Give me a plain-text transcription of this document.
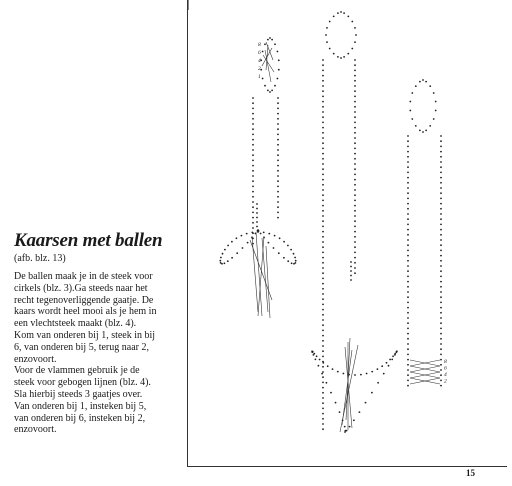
Kaarsen met ballen
(afb. blz. 13)

De ballen maak je in de steek voor

cirkels (blz. 3).Ga steeds naar het

recht tegenoverliggende gaatje. De

kaars wordt heel mooi als je hem in

een vlechtsteek maakt (blz. 4).

Kom van onderen bij 1, steek in bij

6, van onderen bij 5, terug naar 2,

enzovoort.

Voor de vlammen gebruik je de

steek voor gebogen lijnen (blz. 4).

Sla hierbij steeds 3 gaatjes over.

Van onderen bij 1, insteken bij 5,

van onderen bij 6, insteken bij 2,

enzovoort.

15
8
6
4
2
1
8
6
4
2
